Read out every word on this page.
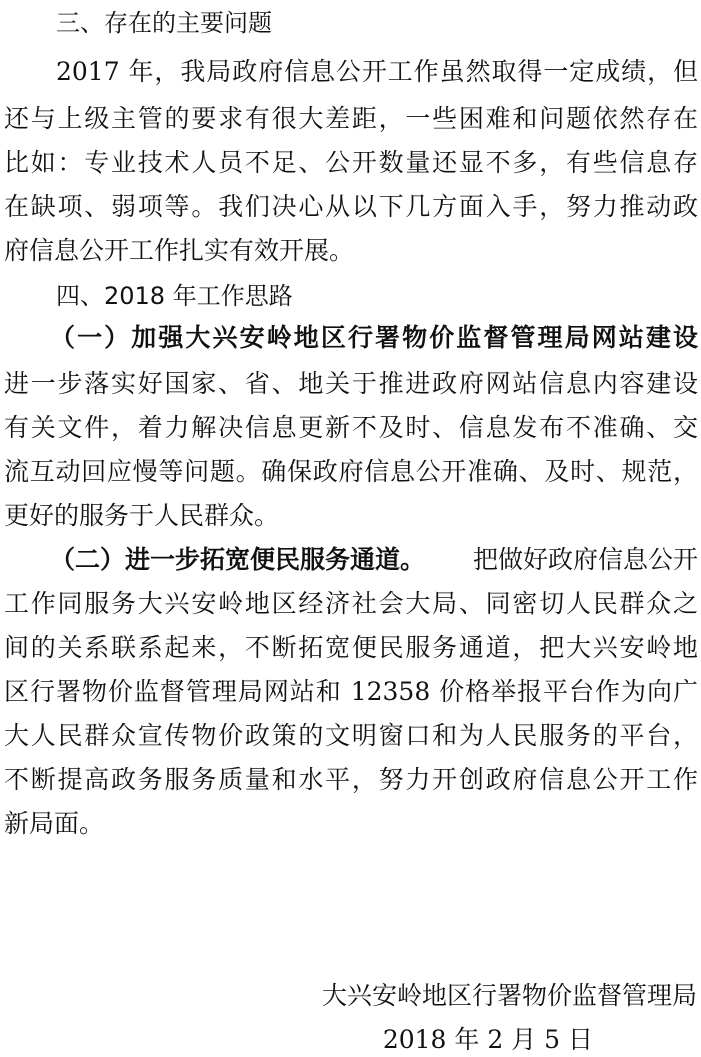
三、存在的主要问题
2017 年，我局政府信息公开工作虽然取得一定成绩，但
还与上级主管的要求有很大差距，一些困难和问题依然存在
比如：专业技术人员不足、公开数量还显不多，有些信息存
在缺项、弱项等。我们决心从以下几方面入手，努力推动政
府信息公开工作扎实有效开展。
四、2018 年工作思路
（一）加强大兴安岭地区行署物价监督管理局网站建设
进一步落实好国家、省、地关于推进政府网站信息内容建设
有关文件，着力解决信息更新不及时、信息发布不准确、交
流互动回应慢等问题。确保政府信息公开准确、及时、规范，
更好的服务于人民群众。
（二）进一步拓宽便民服务通道。 把做好政府信息公开
工作同服务大兴安岭地区经济社会大局、同密切人民群众之
间的关系联系起来，不断拓宽便民服务通道，把大兴安岭地
区行署物价监督管理局网站和 12358 价格举报平台作为向广
大人民群众宣传物价政策的文明窗口和为人民服务的平台，
不断提高政务服务质量和水平，努力开创政府信息公开工作
新局面。
大兴安岭地区行署物价监督管理局
2018 年 2 月 5 日
